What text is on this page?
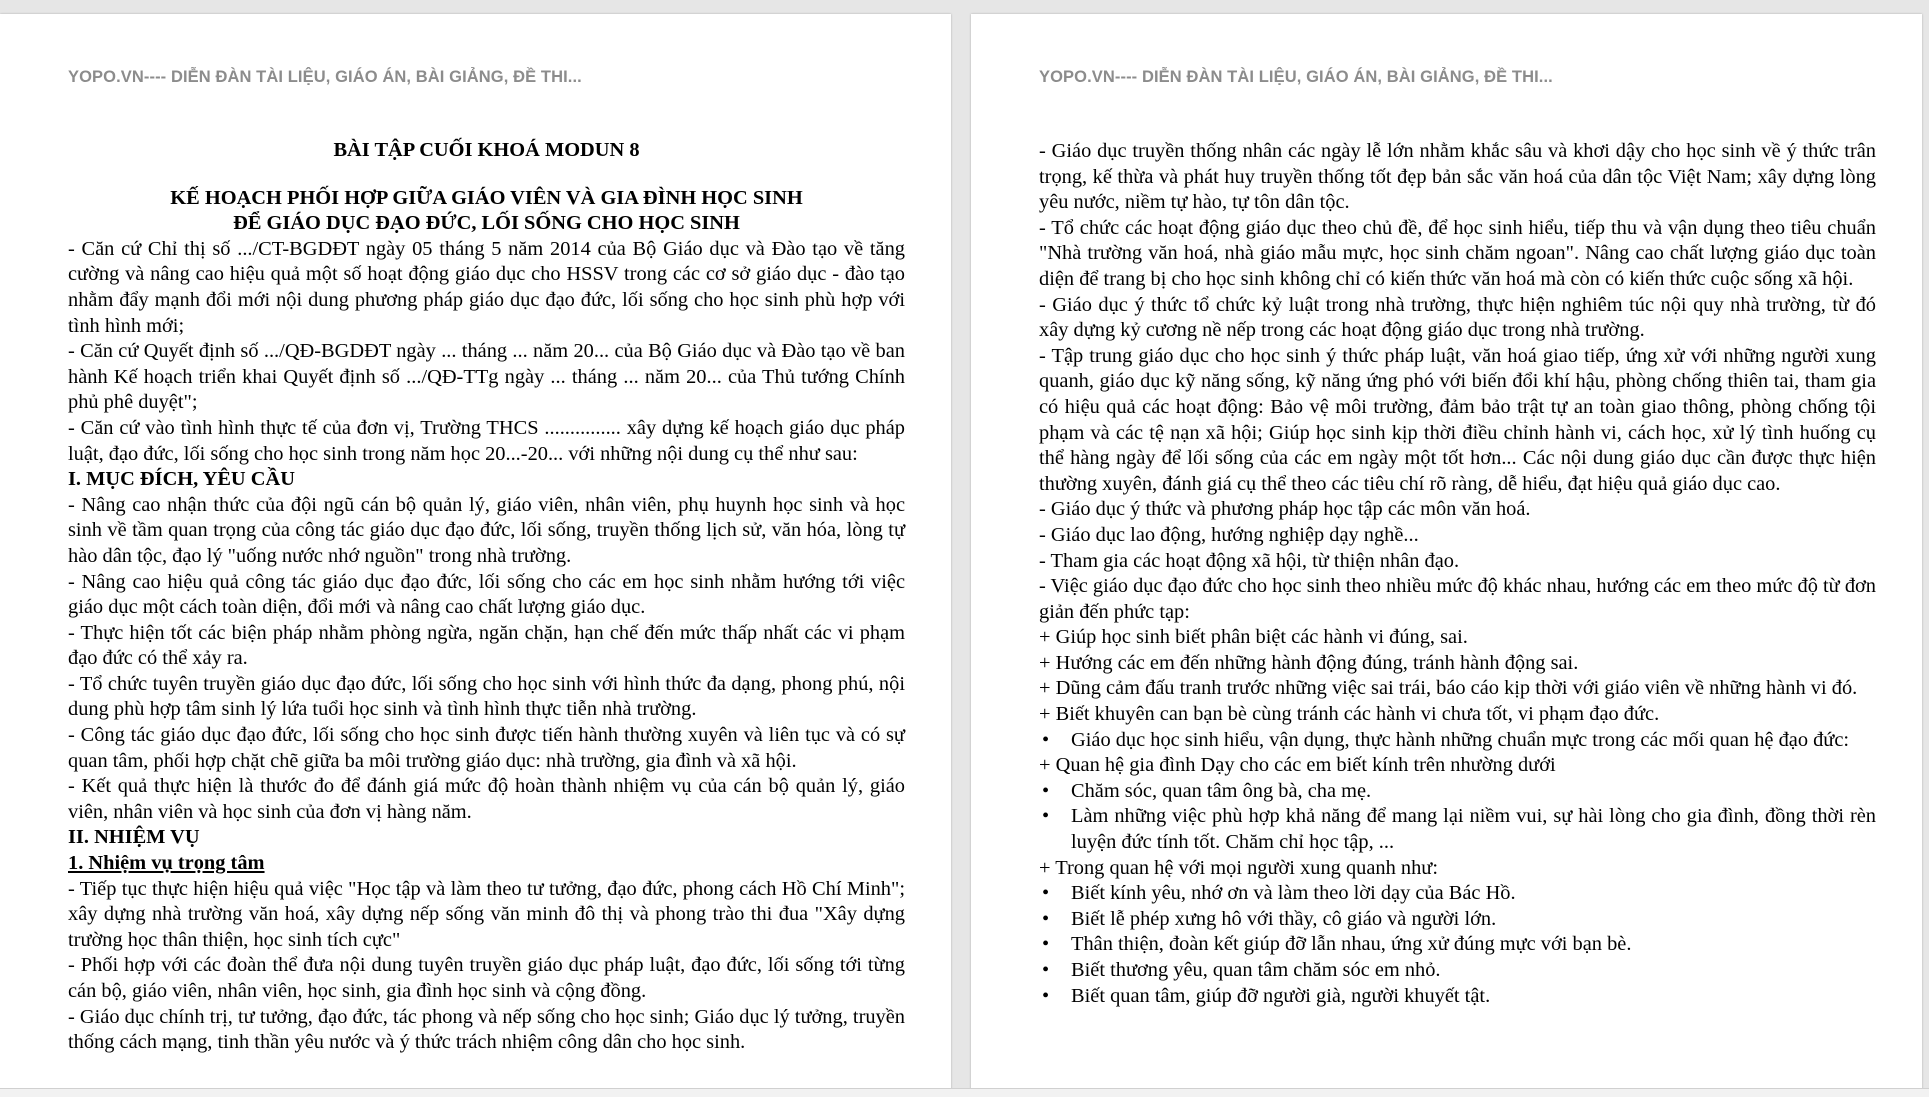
YOPO.VN---- DIỄN ĐÀN TÀI LIỆU, GIÁO ÁN, BÀI GIẢNG, ĐỀ THI...

BÀI TẬP CUỐI KHOÁ MODUN 8

KẾ HOẠCH PHỐI HỢP GIỮA GIÁO VIÊN VÀ GIA ĐÌNH HỌC SINH

ĐỂ GIÁO DỤC ĐẠO ĐỨC, LỐI SỐNG CHO HỌC SINH

- Căn cứ Chỉ thị số .../CT-BGDĐT ngày 05 tháng 5 năm 2014 của Bộ Giáo dục và Đào tạo về tăng cường và nâng cao hiệu quả một số hoạt động giáo dục cho HSSV trong các cơ sở giáo dục - đào tạo nhằm đẩy mạnh đổi mới nội dung phương pháp giáo dục đạo đức, lối sống cho học sinh phù hợp với tình hình mới;

- Căn cứ Quyết định số .../QĐ-BGDĐT ngày ... tháng ... năm 20... của Bộ Giáo dục và Đào tạo về ban hành Kế hoạch triển khai Quyết định số .../QĐ-TTg ngày ... tháng ... năm 20... của Thủ tướng Chính phủ phê duyệt";

- Căn cứ vào tình hình thực tế của đơn vị, Trường THCS ............... xây dựng kế hoạch giáo dục pháp luật, đạo đức, lối sống cho học sinh trong năm học 20...-20... với những nội dung cụ thể như sau:

I. MỤC ĐÍCH, YÊU CẦU

- Nâng cao nhận thức của đội ngũ cán bộ quản lý, giáo viên, nhân viên, phụ huynh học sinh và học sinh về tầm quan trọng của công tác giáo dục đạo đức, lối sống, truyền thống lịch sử, văn hóa, lòng tự hào dân tộc, đạo lý "uống nước nhớ nguồn" trong nhà trường.

- Nâng cao hiệu quả công tác giáo dục đạo đức, lối sống cho các em học sinh nhằm hướng tới việc giáo dục một cách toàn diện, đổi mới và nâng cao chất lượng giáo dục.

- Thực hiện tốt các biện pháp nhằm phòng ngừa, ngăn chặn, hạn chế đến mức thấp nhất các vi phạm đạo đức có thể xảy ra.

- Tổ chức tuyên truyền giáo dục đạo đức, lối sống cho học sinh với hình thức đa dạng, phong phú, nội dung phù hợp tâm sinh lý lứa tuổi học sinh và tình hình thực tiễn nhà trường.

- Công tác giáo dục đạo đức, lối sống cho học sinh được tiến hành thường xuyên và liên tục và có sự quan tâm, phối hợp chặt chẽ giữa ba môi trường giáo dục: nhà trường, gia đình và xã hội.

- Kết quả thực hiện là thước đo để đánh giá mức độ hoàn thành nhiệm vụ của cán bộ quản lý, giáo viên, nhân viên và học sinh của đơn vị hàng năm.

II. NHIỆM VỤ

1. Nhiệm vụ trọng tâm

- Tiếp tục thực hiện hiệu quả việc "Học tập và làm theo tư tưởng, đạo đức, phong cách Hồ Chí Minh"; xây dựng nhà trường văn hoá, xây dựng nếp sống văn minh đô thị và phong trào thi đua "Xây dựng trường học thân thiện, học sinh tích cực"

- Phối hợp với các đoàn thể đưa nội dung tuyên truyền giáo dục pháp luật, đạo đức, lối sống tới từng cán bộ, giáo viên, nhân viên, học sinh, gia đình học sinh và cộng đồng.

- Giáo dục chính trị, tư tưởng, đạo đức, tác phong và nếp sống cho học sinh; Giáo dục lý tưởng, truyền thống cách mạng, tinh thần yêu nước và ý thức trách nhiệm công dân cho học sinh.

YOPO.VN---- DIỄN ĐÀN TÀI LIỆU, GIÁO ÁN, BÀI GIẢNG, ĐỀ THI...

- Giáo dục truyền thống nhân các ngày lễ lớn nhằm khắc sâu và khơi dậy cho học sinh về ý thức trân trọng, kế thừa và phát huy truyền thống tốt đẹp bản sắc văn hoá của dân tộc Việt Nam; xây dựng lòng yêu nước, niềm tự hào, tự tôn dân tộc.

- Tổ chức các hoạt động giáo dục theo chủ đề, để học sinh hiểu, tiếp thu và vận dụng theo tiêu chuẩn "Nhà trường văn hoá, nhà giáo mẫu mực, học sinh chăm ngoan". Nâng cao chất lượng giáo dục toàn diện để trang bị cho học sinh không chỉ có kiến thức văn hoá mà còn có kiến thức cuộc sống xã hội.

- Giáo dục ý thức tổ chức kỷ luật trong nhà trường, thực hiện nghiêm túc nội quy nhà trường, từ đó xây dựng kỷ cương nề nếp trong các hoạt động giáo dục trong nhà trường.

- Tập trung giáo dục cho học sinh ý thức pháp luật, văn hoá giao tiếp, ứng xử với những người xung quanh, giáo dục kỹ năng sống, kỹ năng ứng phó với biến đổi khí hậu, phòng chống thiên tai, tham gia có hiệu quả các hoạt động: Bảo vệ môi trường, đảm bảo trật tự an toàn giao thông, phòng chống tội phạm và các tệ nạn xã hội; Giúp học sinh kịp thời điều chỉnh hành vi, cách học, xử lý tình huống cụ thể hàng ngày để lối sống của các em ngày một tốt hơn... Các nội dung giáo dục cần được thực hiện thường xuyên, đánh giá cụ thể theo các tiêu chí rõ ràng, dễ hiểu, đạt hiệu quả giáo dục cao.

- Giáo dục ý thức và phương pháp học tập các môn văn hoá.

- Giáo dục lao động, hướng nghiệp dạy nghề...

- Tham gia các hoạt động xã hội, từ thiện nhân đạo.

- Việc giáo dục đạo đức cho học sinh theo nhiều mức độ khác nhau, hướng các em theo mức độ từ đơn giản đến phức tạp:

+ Giúp học sinh biết phân biệt các hành vi đúng, sai.

+ Hướng các em đến những hành động đúng, tránh hành động sai.

+ Dũng cảm đấu tranh trước những việc sai trái, báo cáo kịp thời với giáo viên về những hành vi đó.

+ Biết khuyên can bạn bè cùng tránh các hành vi chưa tốt, vi phạm đạo đức.

• Giáo dục học sinh hiểu, vận dụng, thực hành những chuẩn mực trong các mối quan hệ đạo đức:

+ Quan hệ gia đình Dạy cho các em biết kính trên nhường dưới

• Chăm sóc, quan tâm ông bà, cha mẹ.

• Làm những việc phù hợp khả năng để mang lại niềm vui, sự hài lòng cho gia đình, đồng thời rèn luyện đức tính tốt. Chăm chỉ học tập, ...

+ Trong quan hệ với mọi người xung quanh như:

• Biết kính yêu, nhớ ơn và làm theo lời dạy của Bác Hồ.

• Biết lễ phép xưng hô với thầy, cô giáo và người lớn.

• Thân thiện, đoàn kết giúp đỡ lẫn nhau, ứng xử đúng mực với bạn bè.

• Biết thương yêu, quan tâm chăm sóc em nhỏ.

• Biết quan tâm, giúp đỡ người già, người khuyết tật.
